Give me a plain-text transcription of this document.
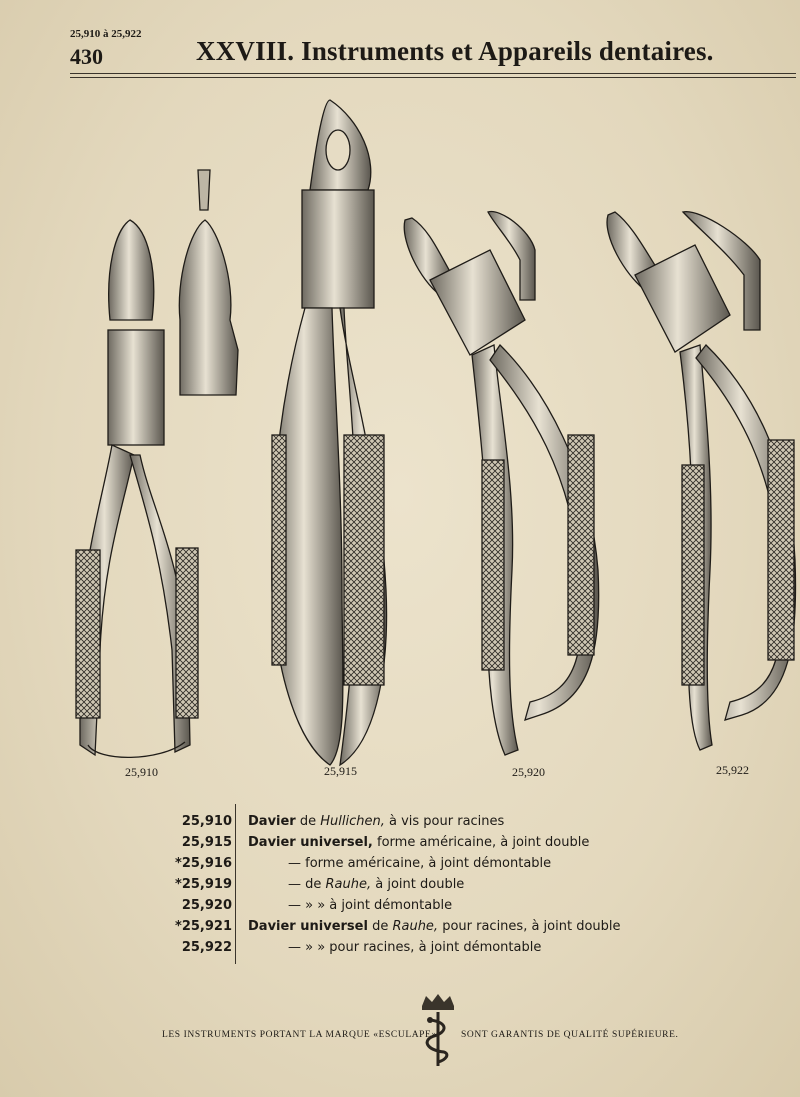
25,910 à 25,922
430	XXVIII. Instruments et Appareils dentaires.
25,910	25,915	25,920	25,922
25,910 Davier de Hullichen, à vis pour racines
25,915 Davier universel, forme américaine, à joint double
*25,916	— forme américaine, à joint démontable
*25,919	— de Rauhe, à joint double
25,920	— » » à joint démontable
*25,921 Davier universel de Rauhe, pour racines, à joint double
25,922	— » » pour racines, à joint démontable
LES INSTRUMENTS PORTANT LA MARQUE «ESCULAPE»	SONT GARANTIS DE QUALITÉ SUPÉRIEURE.
